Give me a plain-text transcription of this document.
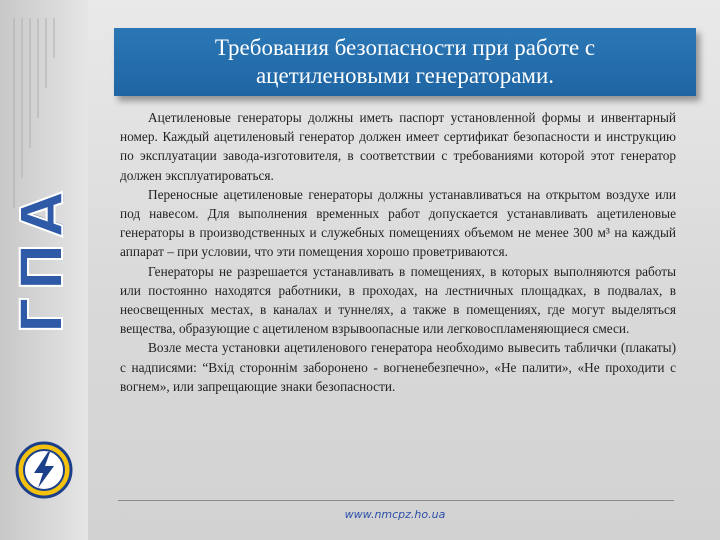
ГПА
Требования безопасности при работе с
ацетиленовыми генераторами.

Ацетиленовые генераторы должны иметь паспорт установленной формы и инвентарный номер. Каждый ацетиленовый генератор должен имеет сертификат безопасности и инструкцию по эксплуатации завода-изготовителя, в соответствии с требованиями которой этот генератор должен эксплуатироваться.

Переносные ацетиленовые генераторы должны устанавливаться на открытом воздухе или под навесом. Для выполнения временных работ допускается устанавливать ацетиленовые генераторы в производственных и служебных помещениях объемом не менее 300 м³ на каждый аппарат – при условии, что эти помещения хорошо проветриваются.

Генераторы не разрешается устанавливать в помещениях, в которых выполняются работы или постоянно находятся работники, в проходах, на лестничных площадках, в подвалах, в неосвещенных местах, в каналах и туннелях, а также в помещениях, где могут выделяться вещества, образующие с ацетиленом взрывоопасные или легковоспламеняющиеся смеси.

Возле места установки ацетиленового генератора необходимо вывесить таблички (плакаты) с надписями: “Вхід стороннім заборонено - вогненебезпечно», «Не палити», «Не проходити с вогнем», или запрещающие знаки безопасности.

www.nmcpz.ho.ua
